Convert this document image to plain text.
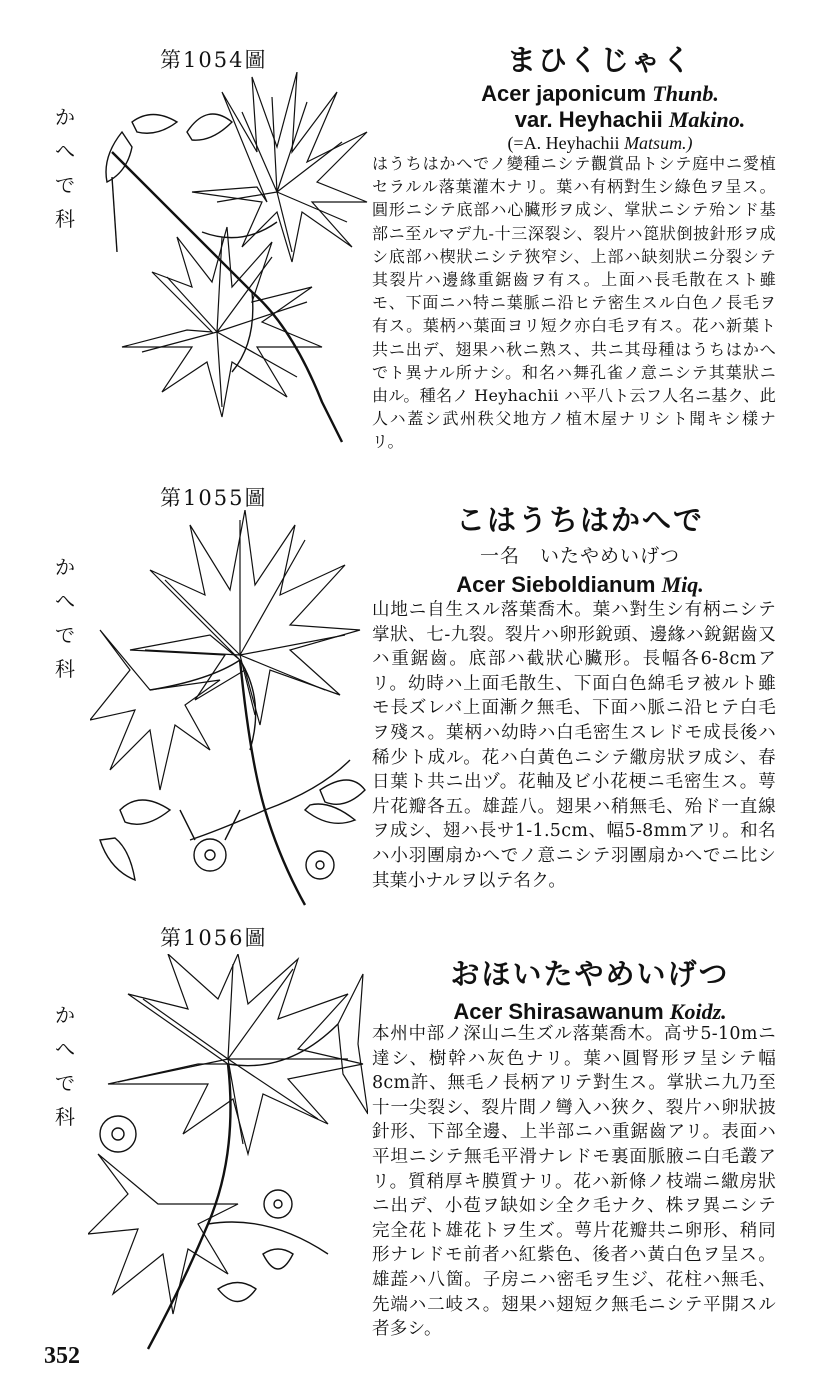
第1054圖
か
へ
で
科
まひくじゃく
Acer japonicum Thunb.
var. Heyhachii Makino.
(=A. Heyhachii Matsum.)
はうちはかへでノ變種ニシテ觀賞品トシテ庭中ニ愛植セラルル落葉灌木ナリ。葉ハ有柄對生シ綠色ヲ呈ス。圓形ニシテ底部ハ心臟形ヲ成シ、掌狀ニシテ殆ンド基部ニ至ルマデ九-十三深裂シ、裂片ハ箆狀倒披針形ヲ成シ底部ハ楔狀ニシテ狹窄シ、上部ハ缺刻狀ニ分裂シテ其裂片ハ邊緣重鋸齒ヲ有ス。上面ハ長毛散在スト雖モ、下面ニハ特ニ葉脈ニ沿ヒテ密生スル白色ノ長毛ヲ有ス。葉柄ハ葉面ヨリ短ク亦白毛ヲ有ス。花ハ新葉ト共ニ出デ、翅果ハ秋ニ熟ス、共ニ其母種はうちはかへでト異ナル所ナシ。和名ハ舞孔雀ノ意ニシテ其葉狀ニ由ル。種名ノ Heyhachii ハ平八ト云フ人名ニ基ク、此人ハ蓋シ武州秩父地方ノ植木屋ナリシト聞キシ樣ナリ。
第1055圖
か
へ
で
科
こはうちはかへで
一名　いたやめいげつ
Acer Sieboldianum Miq.
山地ニ自生スル落葉喬木。葉ハ對生シ有柄ニシテ掌狀、七-九裂。裂片ハ卵形銳頭、邊緣ハ銳鋸齒又ハ重鋸齒。底部ハ截狀心臟形。長幅各6-8cmアリ。幼時ハ上面毛散生、下面白色綿毛ヲ被ルト雖モ長ズレバ上面漸ク無毛、下面ハ脈ニ沿ヒテ白毛ヲ殘ス。葉柄ハ幼時ハ白毛密生スレドモ成長後ハ稀少ト成ル。花ハ白黃色ニシテ繖房狀ヲ成シ、春日葉ト共ニ出ヅ。花軸及ビ小花梗ニ毛密生ス。萼片花瓣各五。雄蕋八。翅果ハ稍無毛、殆ド一直線ヲ成シ、翅ハ長サ1-1.5cm、幅5-8mmアリ。和名ハ小羽團扇かへでノ意ニシテ羽團扇かへでニ比シ其葉小ナルヲ以テ名ク。
第1056圖
か
へ
で
科
おほいたやめいげつ
Acer Shirasawanum Koidz.
本州中部ノ深山ニ生ズル落葉喬木。高サ5-10mニ達シ、樹幹ハ灰色ナリ。葉ハ圓腎形ヲ呈シテ幅8cm許、無毛ノ長柄アリテ對生ス。掌狀ニ九乃至十一尖裂シ、裂片間ノ彎入ハ狹ク、裂片ハ卵狀披針形、下部全邊、上半部ニハ重鋸齒アリ。表面ハ平坦ニシテ無毛平滑ナレドモ裏面脈腋ニ白毛叢アリ。質稍厚キ膜質ナリ。花ハ新條ノ枝端ニ繖房狀ニ出デ、小苞ヲ缺如シ全ク毛ナク、株ヲ異ニシテ完全花ト雄花トヲ生ズ。萼片花瓣共ニ卵形、稍同形ナレドモ前者ハ紅紫色、後者ハ黃白色ヲ呈ス。雄蕋ハ八箇。子房ニハ密毛ヲ生ジ、花柱ハ無毛、先端ハ二岐ス。翅果ハ翅短ク無毛ニシテ平開スル者多シ。
352
